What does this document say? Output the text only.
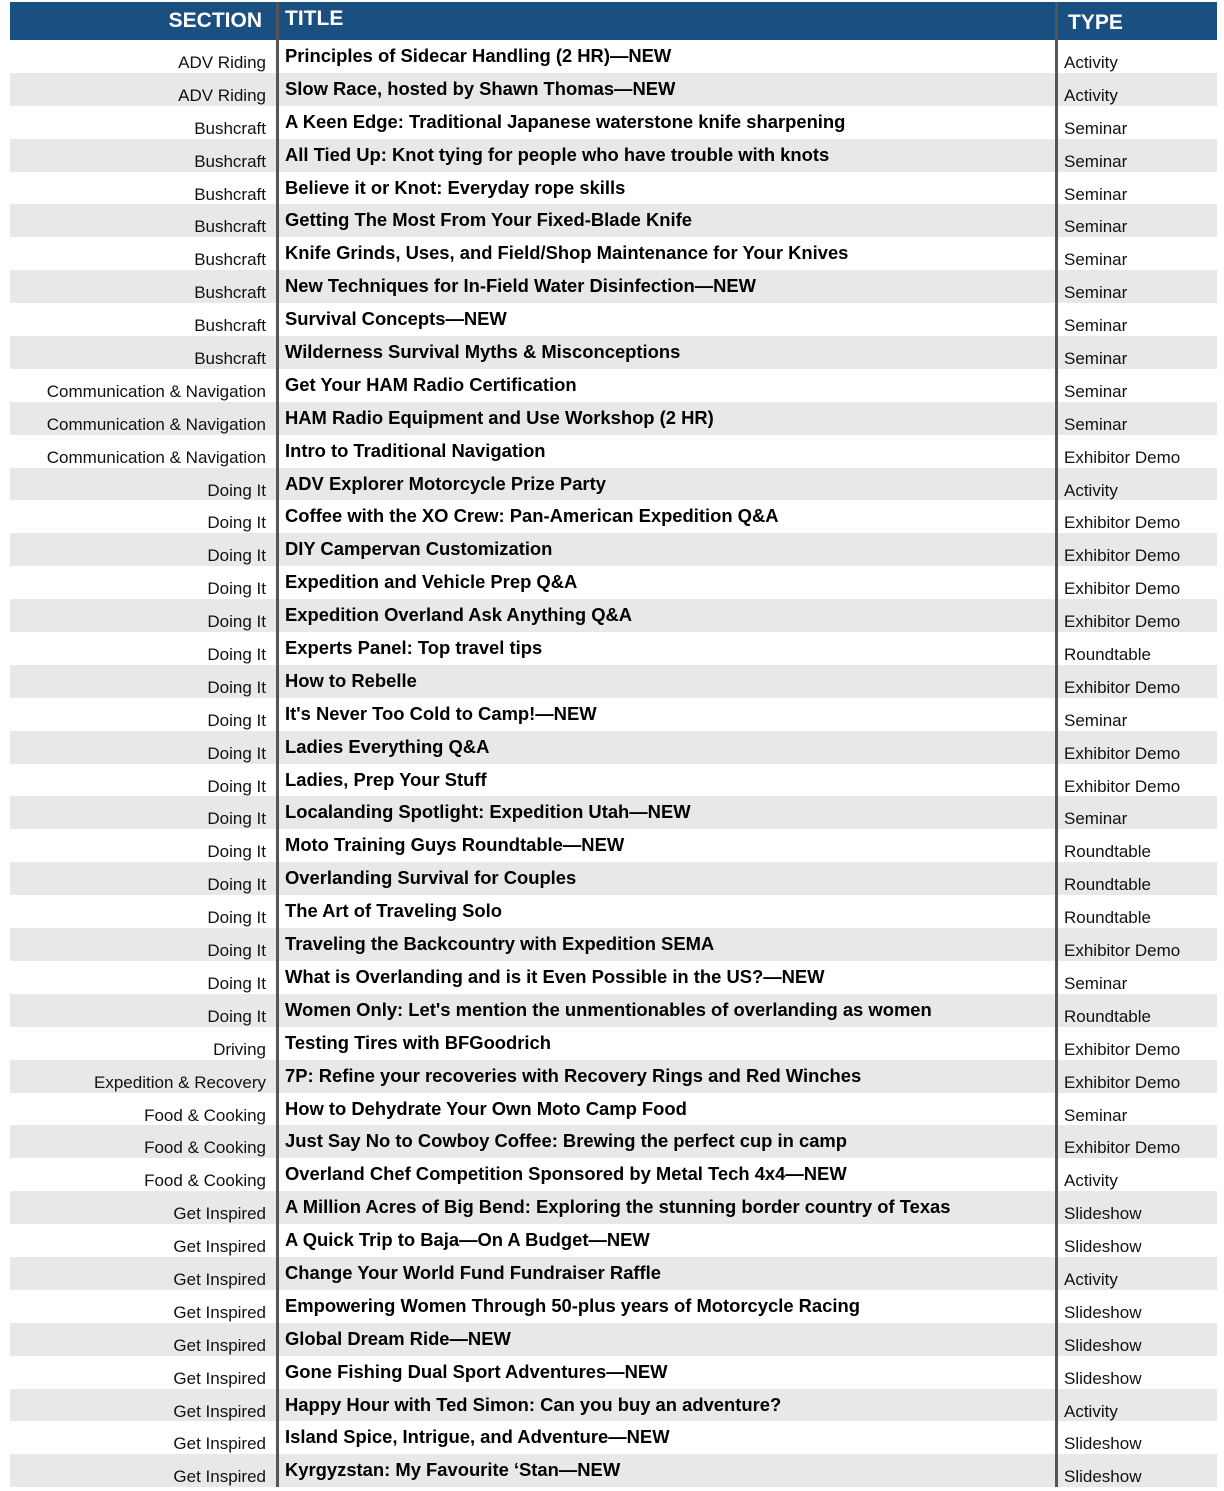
SECTION	TITLE	TYPE
ADV Riding	Principles of Sidecar Handling (2 HR)—NEW	Activity
ADV Riding	Slow Race, hosted by Shawn Thomas—NEW	Activity
Bushcraft	A Keen Edge: Traditional Japanese waterstone knife sharpening	Seminar
Bushcraft	All Tied Up: Knot tying for people who have trouble with knots	Seminar
Bushcraft	Believe it or Knot: Everyday rope skills	Seminar
Bushcraft	Getting The Most From Your Fixed-Blade Knife	Seminar
Bushcraft	Knife Grinds, Uses, and Field/Shop Maintenance for Your Knives	Seminar
Bushcraft	New Techniques for In-Field Water Disinfection—NEW	Seminar
Bushcraft	Survival Concepts—NEW	Seminar
Bushcraft	Wilderness Survival Myths & Misconceptions	Seminar
Communication & Navigation	Get Your HAM Radio Certification	Seminar
Communication & Navigation	HAM Radio Equipment and Use Workshop (2 HR)	Seminar
Communication & Navigation	Intro to Traditional Navigation	Exhibitor Demo
Doing It	ADV Explorer Motorcycle Prize Party	Activity
Doing It	Coffee with the XO Crew: Pan-American Expedition Q&A	Exhibitor Demo
Doing It	DIY Campervan Customization	Exhibitor Demo
Doing It	Expedition and Vehicle Prep Q&A	Exhibitor Demo
Doing It	Expedition Overland Ask Anything Q&A	Exhibitor Demo
Doing It	Experts Panel: Top travel tips	Roundtable
Doing It	How to Rebelle	Exhibitor Demo
Doing It	It's Never Too Cold to Camp!—NEW	Seminar
Doing It	Ladies Everything Q&A	Exhibitor Demo
Doing It	Ladies, Prep Your Stuff	Exhibitor Demo
Doing It	Localanding Spotlight: Expedition Utah—NEW	Seminar
Doing It	Moto Training Guys Roundtable—NEW	Roundtable
Doing It	Overlanding Survival for Couples	Roundtable
Doing It	The Art of Traveling Solo	Roundtable
Doing It	Traveling the Backcountry with Expedition SEMA	Exhibitor Demo
Doing It	What is Overlanding and is it Even Possible in the US?—NEW	Seminar
Doing It	Women Only: Let's mention the unmentionables of overlanding as women	Roundtable
Driving	Testing Tires with BFGoodrich	Exhibitor Demo
Expedition & Recovery	7P: Refine your recoveries with Recovery Rings and Red Winches	Exhibitor Demo
Food & Cooking	How to Dehydrate Your Own Moto Camp Food	Seminar
Food & Cooking	Just Say No to Cowboy Coffee: Brewing the perfect cup in camp	Exhibitor Demo
Food & Cooking	Overland Chef Competition Sponsored by Metal Tech 4x4—NEW	Activity
Get Inspired	A Million Acres of Big Bend: Exploring the stunning border country of Texas	Slideshow
Get Inspired	A Quick Trip to Baja—On A Budget—NEW	Slideshow
Get Inspired	Change Your World Fund Fundraiser Raffle	Activity
Get Inspired	Empowering Women Through 50-plus years of Motorcycle Racing	Slideshow
Get Inspired	Global Dream Ride—NEW	Slideshow
Get Inspired	Gone Fishing Dual Sport Adventures—NEW	Slideshow
Get Inspired	Happy Hour with Ted Simon: Can you buy an adventure?	Activity
Get Inspired	Island Spice, Intrigue, and Adventure—NEW	Slideshow
Get Inspired	Kyrgyzstan: My Favourite ‘Stan—NEW	Slideshow
